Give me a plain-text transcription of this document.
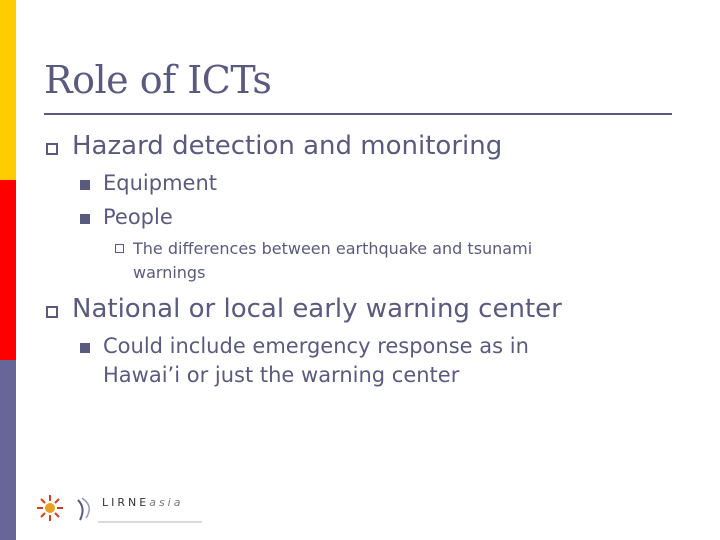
Role of ICTs
Hazard detection and monitoring
Equipment
People
The differences between earthquake and tsunami
warnings
National or local early warning center
Could include emergency response as in
Hawai’i or just the warning center
LIRNEasia
